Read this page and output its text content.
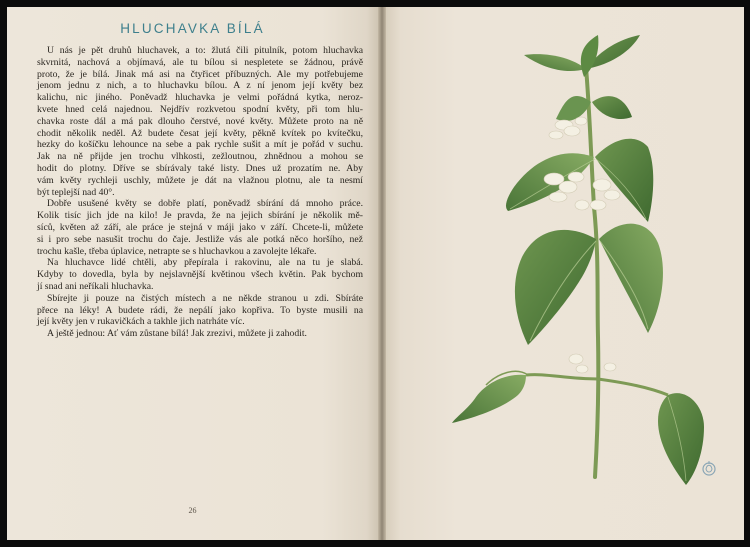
HLUCHAVKA BÍLÁ
U nás je pět druhů hluchavek, a to: žlutá čili pitulník, potom hluchavka
skvrnitá, nachová a objímavá, ale tu bílou si nespletete se žádnou, právě
proto, že je bílá. Jinak má asi na čtyřicet příbuzných. Ale my potřebujeme
jenom jednu z nich, a to hluchavku bílou. A z ní jenom její květy bez
kalichu, nic jiného. Poněvadž hluchavka je velmi pořádná kytka, neroz-
kvete hned celá najednou. Nejdřív rozkvetou spodní květy, při tom hlu-
chavka roste dál a má pak dlouho čerstvé, nové květy. Můžete proto na ně
chodit několik neděl. Až budete česat její květy, pěkně kvítek po kvítečku,
hezky do košíčku lehounce na sebe a pak rychle sušit a mít je pořád v suchu.
Jak na ně přijde jen trochu vlhkosti, zežloutnou, zhnědnou a mohou se
hodit do plotny. Dříve se sbírávaly také listy. Dnes už prozatím ne. Aby
vám květy rychleji uschly, můžete je dát na vlažnou plotnu, ale ta nesmí
být teplejší nad 40°.
Dobře usušené květy se dobře platí, poněvadž sbírání dá mnoho práce.
Kolik tisíc jich jde na kilo! Je pravda, že na jejich sbírání je několik mě-
síců, květen až září, ale práce je stejná v máji jako v září. Chcete-li, můžete
si i pro sebe nasušit trochu do čaje. Jestliže vás ale potká něco horšího, než
trochu kašle, třeba úplavice, netrapte se s hluchavkou a zavolejte lékaře.
Na hluchavce lidé chtěli, aby přepírala i rakovinu, ale na tu je slabá.
Kdyby to dovedla, byla by nejslavnější květinou všech květin. Pak bychom
jí snad ani neříkali hluchavka.
Sbírejte ji pouze na čistých místech a ne někde stranou u zdi. Sbíráte
přece na léky! A budete rádi, že nepálí jako kopřiva. To byste musili na
její květy jen v rukavičkách a takhle jich natrháte víc.
A ještě jednou: Ať vám zůstane bílá! Jak zrezivi, můžete ji zahodit.
26
